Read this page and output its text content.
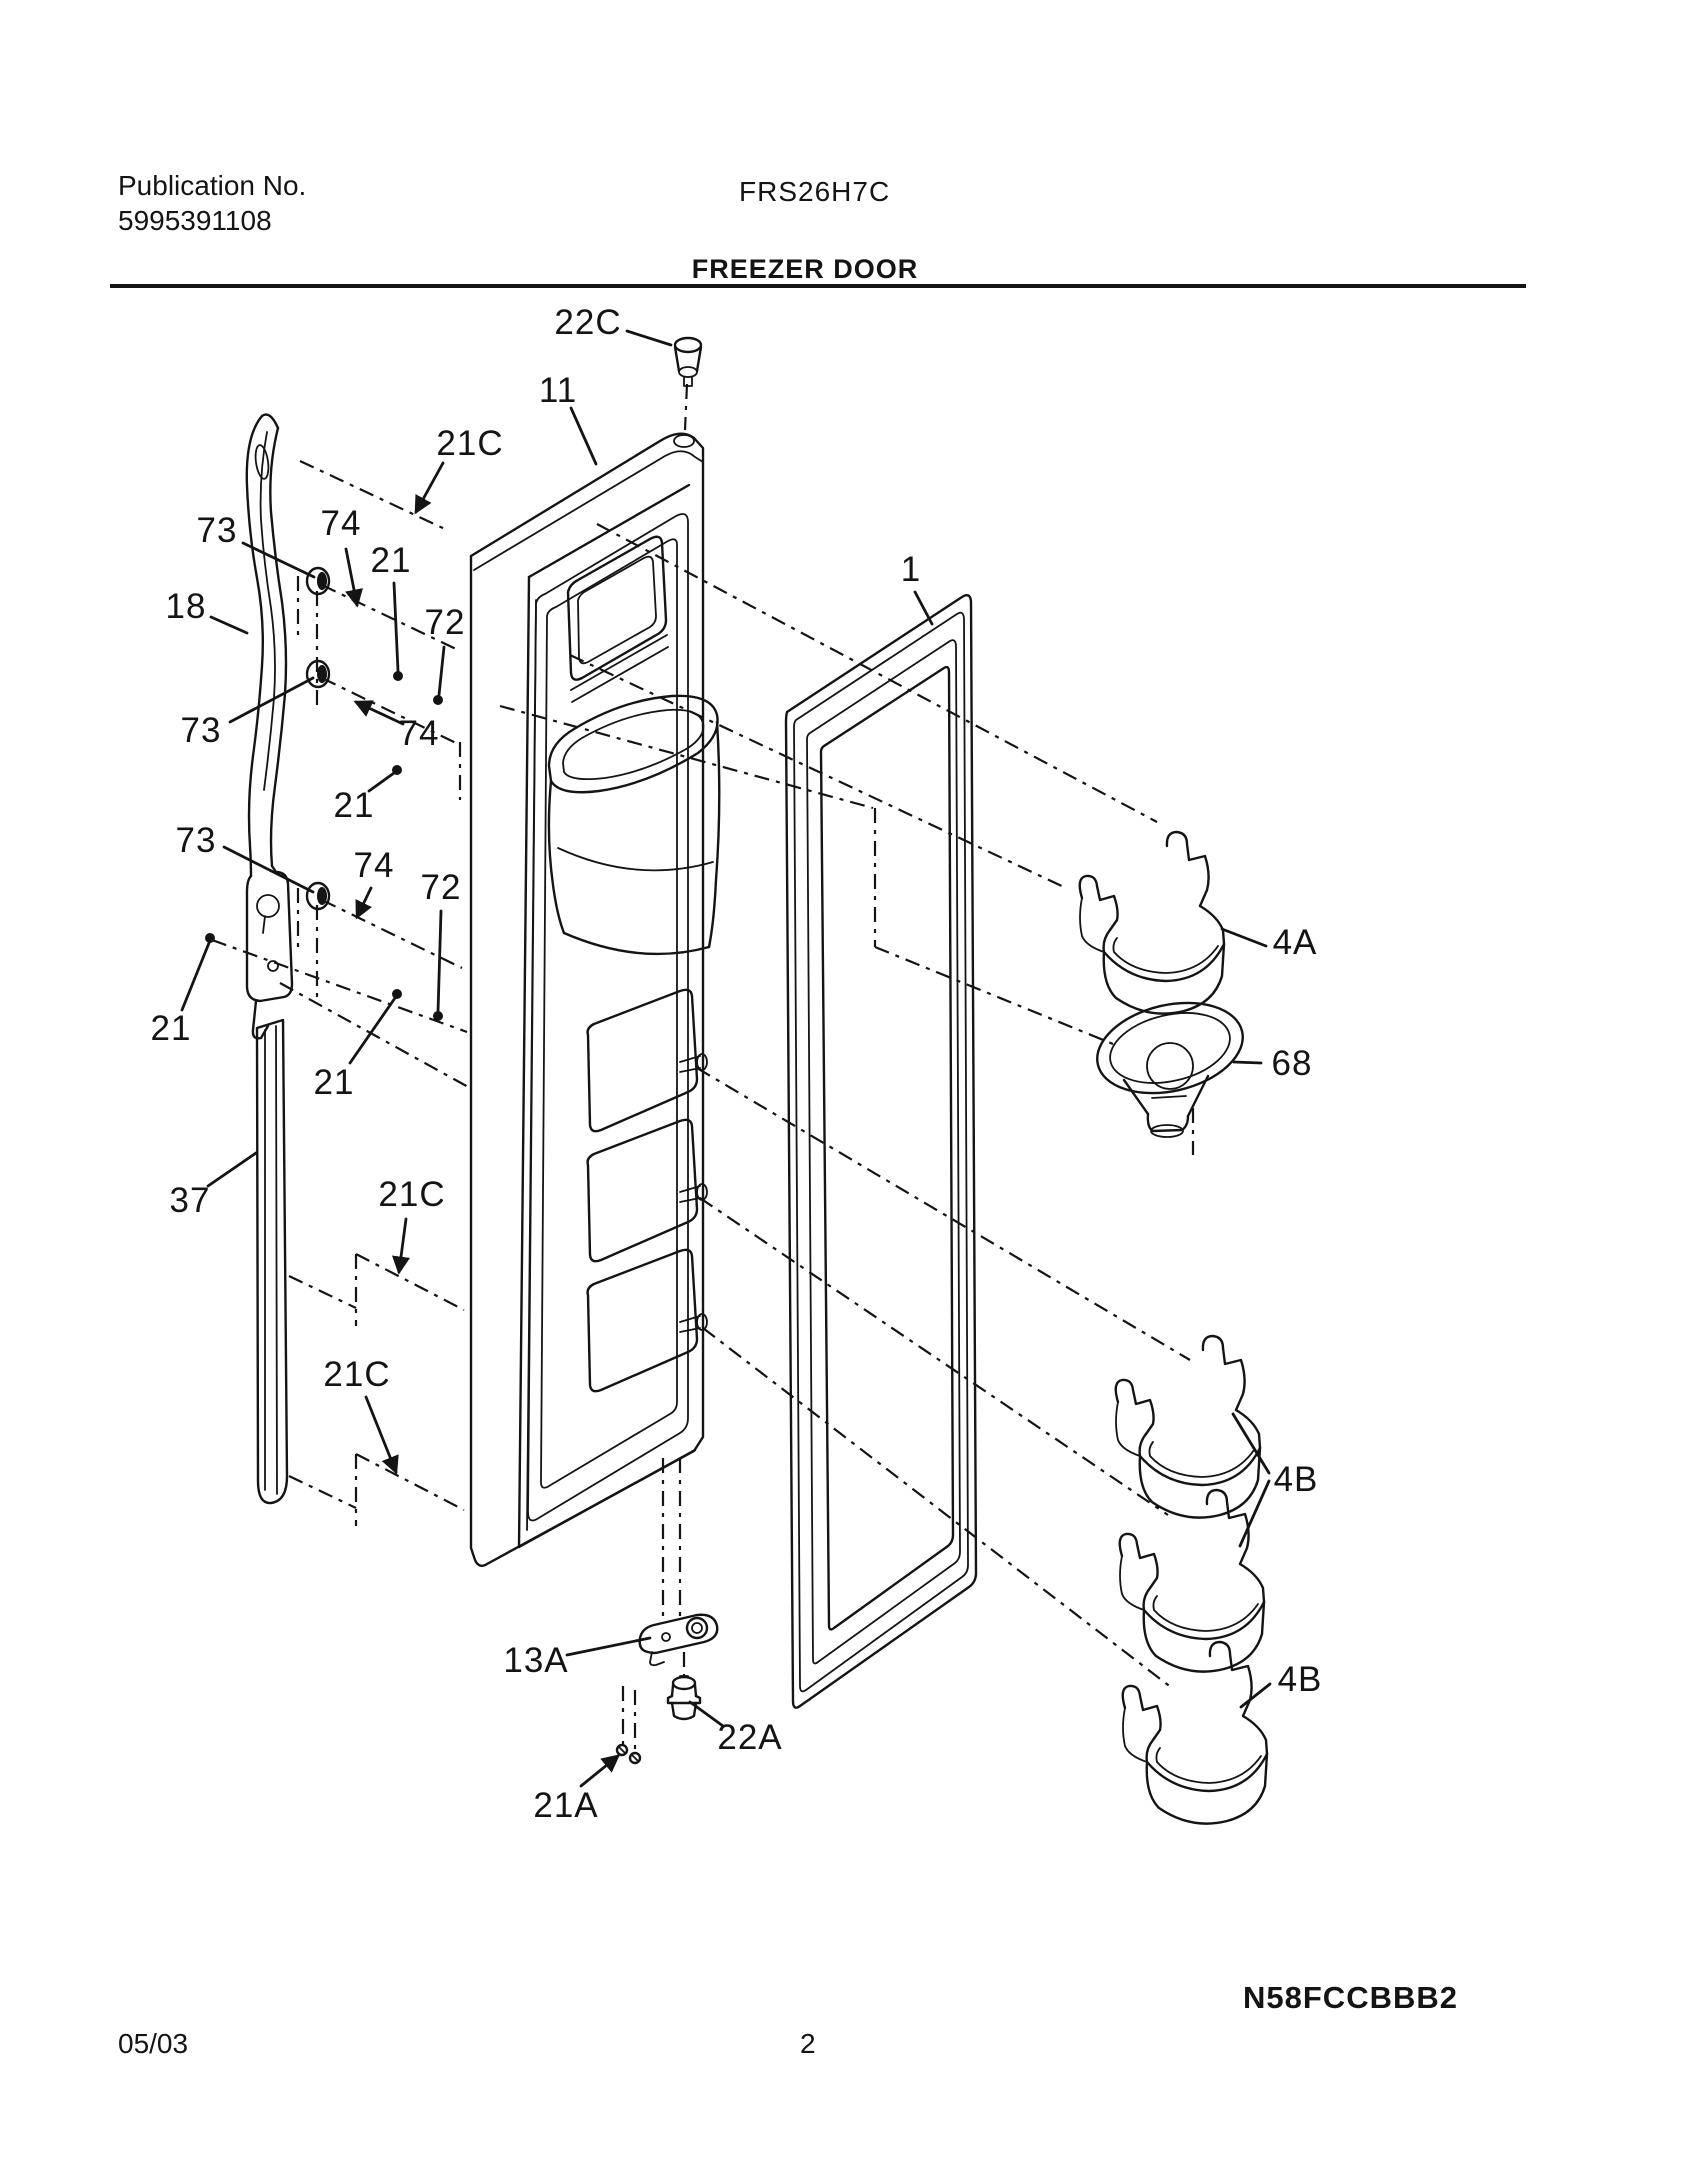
Publication No.
5995391108
FRS26H7C
FREEZER DOOR
22C
11
21C
73 74
21
18	72
73	74
21
73
74
72
21
21
37	21C
21C
1
4A
68
4B
4B
13A
22A
21A
05/03	2
N58FCCBBB2
